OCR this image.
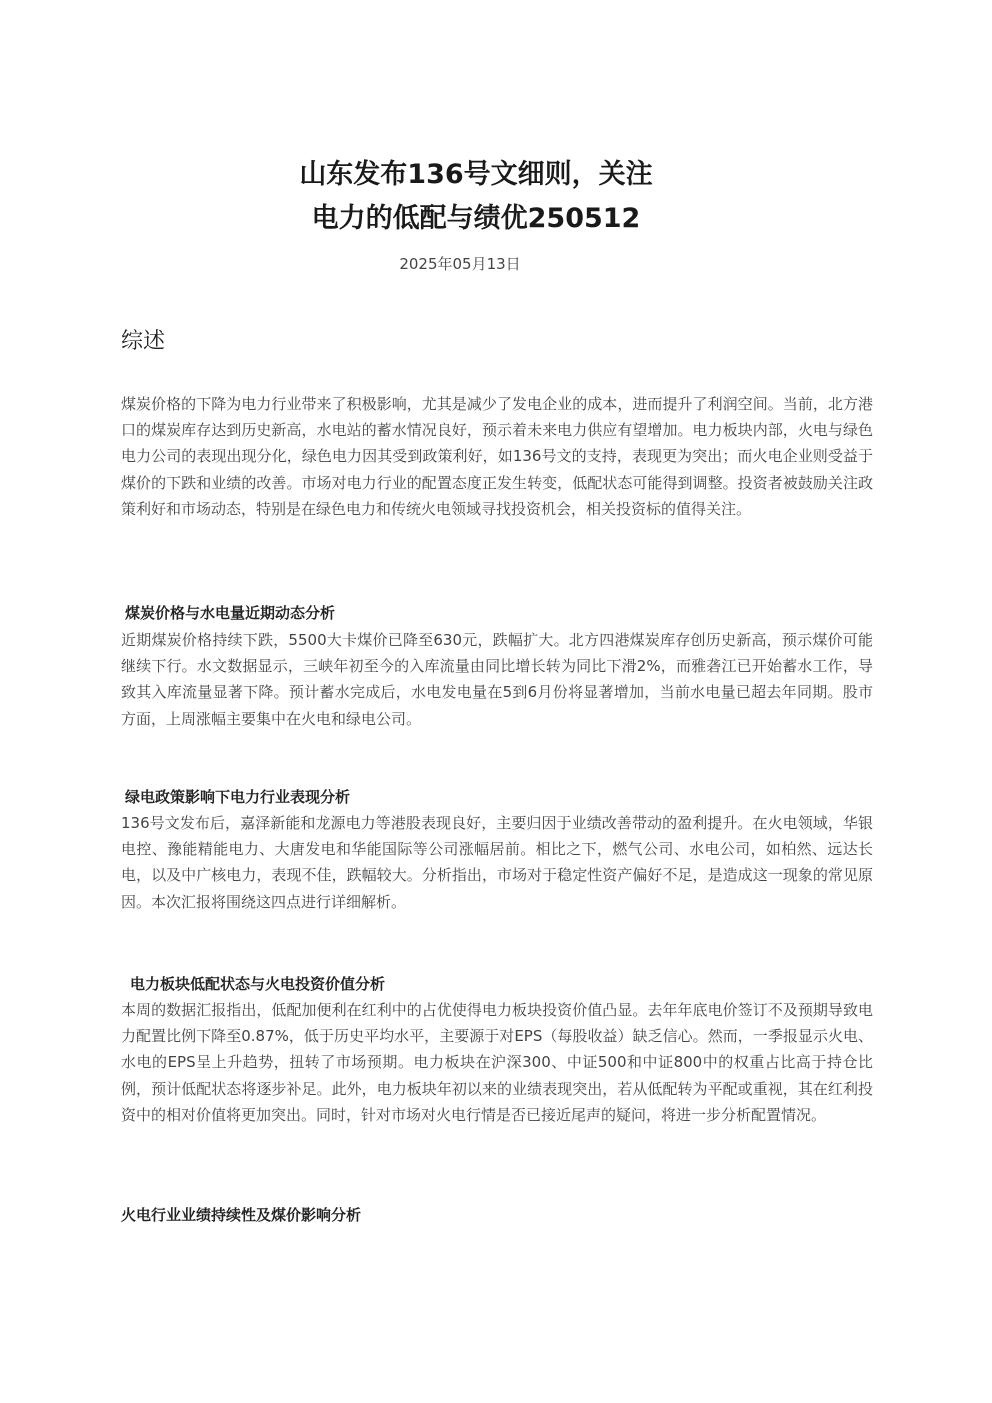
山东发布136号文细则，关注
电力的低配与绩优250512

2025年05月13日

综述

煤炭价格的下降为电力行业带来了积极影响，尤其是减少了发电企业的成本，进而提升了利润空间。当前，北方港口的煤炭库存达到历史新高，水电站的蓄水情况良好，预示着未来电力供应有望增加。电力板块内部，火电与绿色电力公司的表现出现分化，绿色电力因其受到政策利好，如136号文的支持，表现更为突出；而火电企业则受益于煤价的下跌和业绩的改善。市场对电力行业的配置态度正发生转变，低配状态可能得到调整。投资者被鼓励关注政策利好和市场动态，特别是在绿色电力和传统火电领域寻找投资机会，相关投资标的值得关注。

煤炭价格与水电量近期动态分析

近期煤炭价格持续下跌，5500大卡煤价已降至630元，跌幅扩大。北方四港煤炭库存创历史新高，预示煤价可能继续下行。水文数据显示，三峡年初至今的入库流量由同比增长转为同比下滑2%，而雅砻江已开始蓄水工作，导致其入库流量显著下降。预计蓄水完成后，水电发电量在5到6月份将显著增加，当前水电量已超去年同期。股市方面，上周涨幅主要集中在火电和绿电公司。

绿电政策影响下电力行业表现分析

136号文发布后，嘉泽新能和龙源电力等港股表现良好，主要归因于业绩改善带动的盈利提升。在火电领域，华银电控、豫能精能电力、大唐发电和华能国际等公司涨幅居前。相比之下，燃气公司、水电公司，如柏然、远达长电，以及中广核电力，表现不佳，跌幅较大。分析指出，市场对于稳定性资产偏好不足，是造成这一现象的常见原因。本次汇报将围绕这四点进行详细解析。

电力板块低配状态与火电投资价值分析

本周的数据汇报指出，低配加便利在红利中的占优使得电力板块投资价值凸显。去年年底电价签订不及预期导致电力配置比例下降至0.87%，低于历史平均水平，主要源于对EPS（每股收益）缺乏信心。然而，一季报显示火电、水电的EPS呈上升趋势，扭转了市场预期。电力板块在沪深300、中证500和中证800中的权重占比高于持仓比例，预计低配状态将逐步补足。此外，电力板块年初以来的业绩表现突出，若从低配转为平配或重视，其在红利投资中的相对价值将更加突出。同时，针对市场对火电行情是否已接近尾声的疑问，将进一步分析配置情况。

火电行业业绩持续性及煤价影响分析
